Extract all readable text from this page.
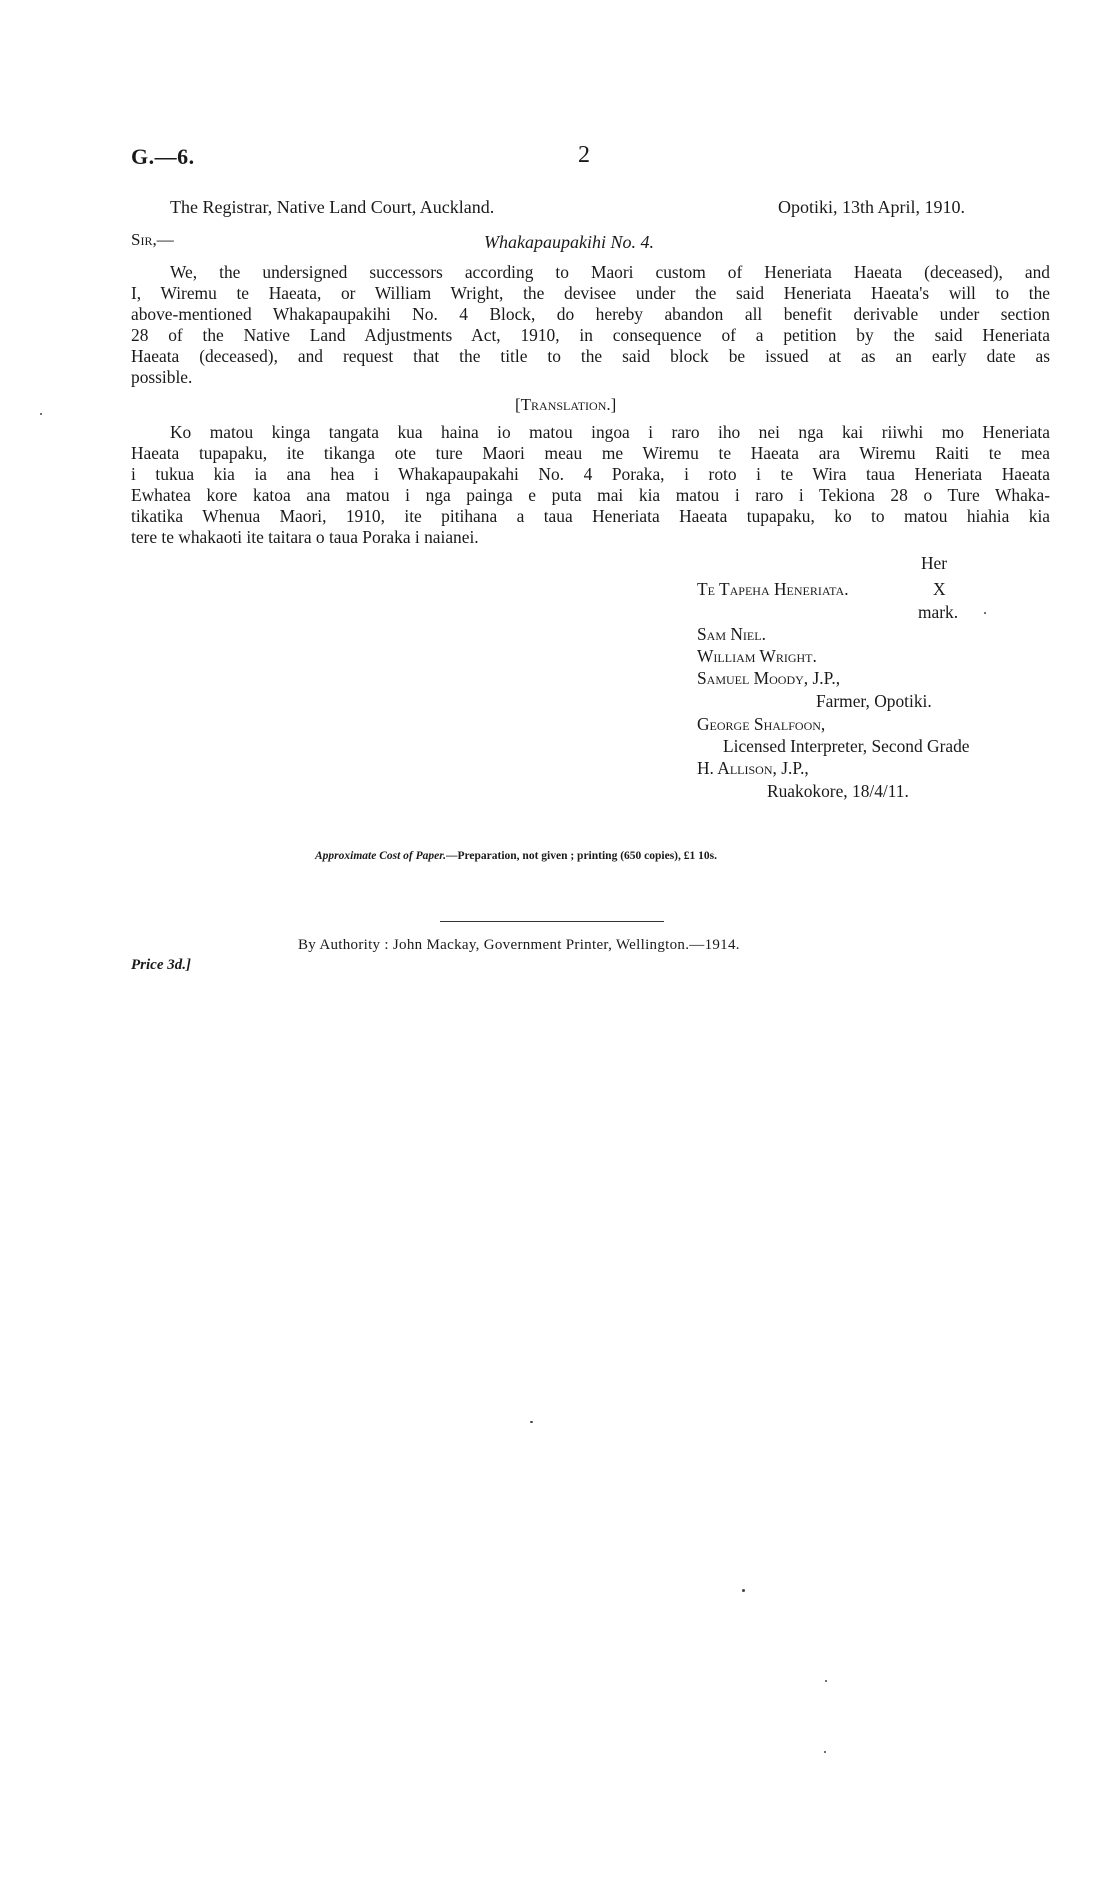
G.—6.	2
The Registrar, Native Land Court, Auckland.	Opotiki, 13th April, 1910.
Sir,—	Whakapaupakihi No. 4.
We, the undersigned successors according to Maori custom of Heneriata Haeata (deceased), and
I, Wiremu te Haeata, or William Wright, the devisee under the said Heneriata Haeata's will to the
above-mentioned Whakapaupakihi No. 4 Block, do hereby abandon all benefit derivable under section
28 of the Native Land Adjustments Act, 1910, in consequence of a petition by the said Heneriata
Haeata (deceased), and request that the title to the said block be issued at as an early date as
possible.
[Translation.]
Ko matou kinga tangata kua haina io matou ingoa i raro iho nei nga kai riiwhi mo Heneriata
Haeata tupapaku, ite tikanga ote ture Maori meau me Wiremu te Haeata ara Wiremu Raiti te mea
i tukua kia ia ana hea i Whakapaupakahi No. 4 Poraka, i roto i te Wira taua Heneriata Haeata
Ewhatea kore katoa ana matou i nga painga e puta mai kia matou i raro i Tekiona 28 o Ture Whaka-
tikatika Whenua Maori, 1910, ite pitihana a taua Heneriata Haeata tupapaku, ko to matou hiahia kia
tere te whakaoti ite taitara o taua Poraka i naianei.
Her
Te Tapeha Heneriata.	X
mark.
Sam Niel.
William Wright.
Samuel Moody, J.P.,
Farmer, Opotiki.
George Shalfoon,
Licensed Interpreter, Second Grade
H. Allison, J.P.,
Ruakokore, 18/4/11.
Approximate Cost of Paper.—Preparation, not given ; printing (650 copies), £1 10s.
By Authority : John Mackay, Government Printer, Wellington.—1914.
Price 3d.]
